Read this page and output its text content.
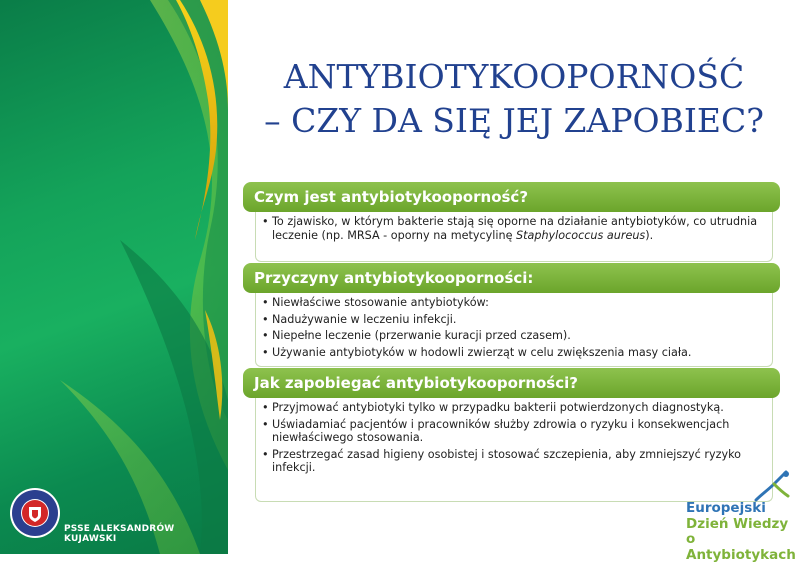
PSSE ALEKSANDRÓW KUJAWSKI
ANTYBIOTYKOOPORNOŚĆ
– CZY DA SIĘ JEJ ZAPOBIEC?
Czym jest antybiotykooporność?
• To zjawisko, w którym bakterie stają się oporne na działanie antybiotyków, co utrudnia leczenie (np. MRSA - oporny na metycylinę Staphylococcus aureus).
Przyczyny antybiotykooporności:
• Niewłaściwe stosowanie antybiotyków:
• Nadużywanie w leczeniu infekcji.
• Niepełne leczenie (przerwanie kuracji przed czasem).
• Używanie antybiotyków w hodowli zwierząt w celu zwiększenia masy ciała.
Jak zapobiegać antybiotykooporności?
• Przyjmować antybiotyki tylko w przypadku bakterii potwierdzonych diagnostyką.
• Uświadamiać pacjentów i pracowników służby zdrowia o ryzyku i konsekwencjach niewłaściwego stosowania.
• Przestrzegać zasad higieny osobistej i stosować szczepienia, aby zmniejszyć ryzyko infekcji.
Europejski
Dzień Wiedzy o
Antybiotykach
